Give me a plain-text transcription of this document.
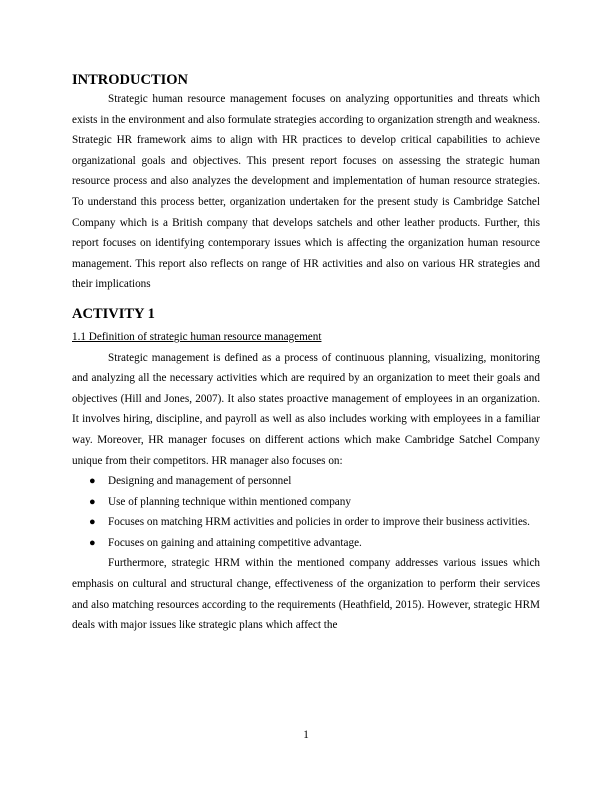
INTRODUCTION

Strategic human resource management focuses on analyzing opportunities and threats which exists in the environment and also formulate strategies according to organization strength and weakness. Strategic HR framework aims to align with HR practices to develop critical capabilities to achieve organizational goals and objectives. This present report focuses on assessing the strategic human resource process and also analyzes the development and implementation of human resource strategies. To understand this process better, organization undertaken for the present study is Cambridge Satchel Company which is a British company that develops satchels and other leather products. Further, this report focuses on identifying contemporary issues which is affecting the organization human resource management. This report also reflects on range of HR activities and also on various HR strategies and their implications

ACTIVITY 1
1.1 Definition of strategic human resource management

Strategic management is defined as a process of continuous planning, visualizing, monitoring and analyzing all the necessary activities which are required by an organization to meet their goals and objectives (Hill and Jones, 2007). It also states proactive management of employees in an organization. It involves hiring, discipline, and payroll as well as also includes working with employees in a familiar way. Moreover, HR manager focuses on different actions which make Cambridge Satchel Company unique from their competitors. HR manager also focuses on:

● Designing and management of personnel
● Use of planning technique within mentioned company
● Focuses on matching HRM activities and policies in order to improve their business activities.
● Focuses on gaining and attaining competitive advantage.

Furthermore, strategic HRM within the mentioned company addresses various issues which emphasis on cultural and structural change, effectiveness of the organization to perform their services and also matching resources according to the requirements (Heathfield, 2015). However, strategic HRM deals with major issues like strategic plans which affect the

1
